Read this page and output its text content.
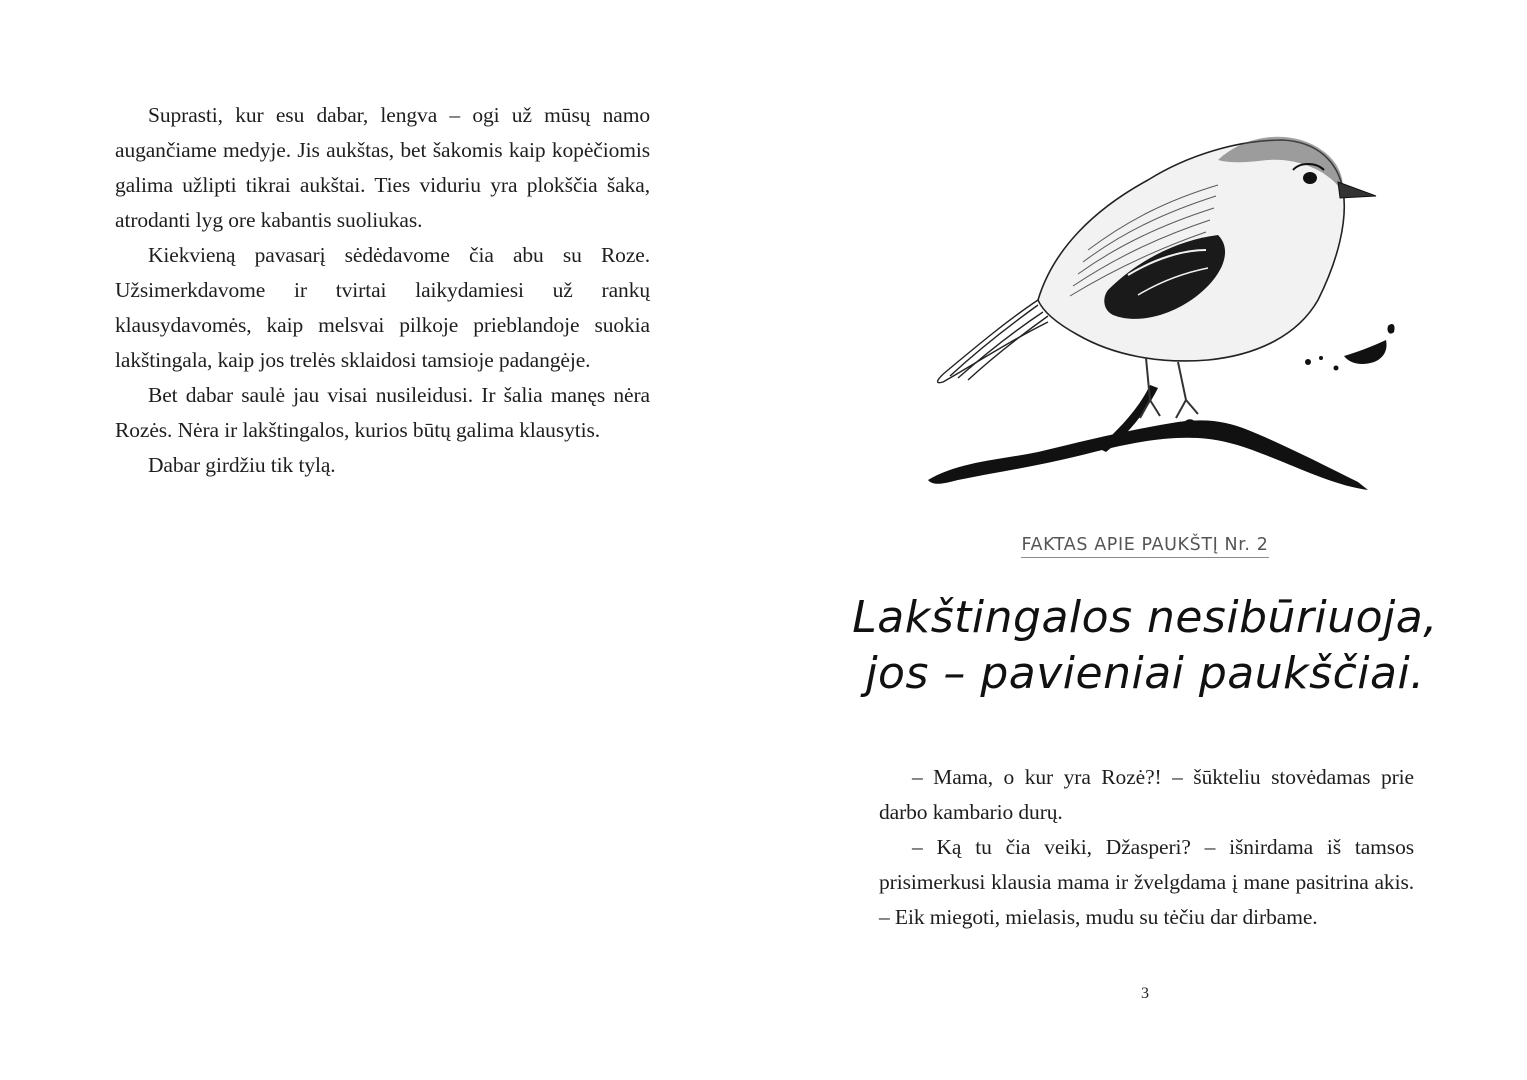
Suprasti, kur esu dabar, lengva – ogi už mūsų namo augančiame medyje. Jis aukštas, bet šakomis kaip kopėčiomis galima užlipti tikrai aukštai. Ties viduriu yra plokščia šaka, atrodanti lyg ore kabantis suoliukas.

Kiekvieną pavasarį sėdėdavome čia abu su Roze. Užsimerkdavome ir tvirtai laikydamiesi už rankų klausydavomės, kaip melsvai pilkoje prieblandoje suokia lakštingala, kaip jos trelės sklaidosi tamsioje padangėje.

Bet dabar saulė jau visai nusileidusi. Ir šalia manęs nėra Rozės. Nėra ir lakštingalos, kurios būtų galima klausytis.

Dabar girdžiu tik tylą.

FAKTAS APIE PAUKŠTĮ Nr. 2
Lakštingalos nesibūriuoja,
jos – pavieniai paukščiai.

– Mama, o kur yra Rozė?! – šūkteliu stovėdamas prie darbo kambario durų.

– Ką tu čia veiki, Džasperi? – išnirdama iš tamsos prisimerkusi klausia mama ir žvelgdama į mane pasitrina akis. – Eik miegoti, mielasis, mudu su tėčiu dar dirbame.

3
